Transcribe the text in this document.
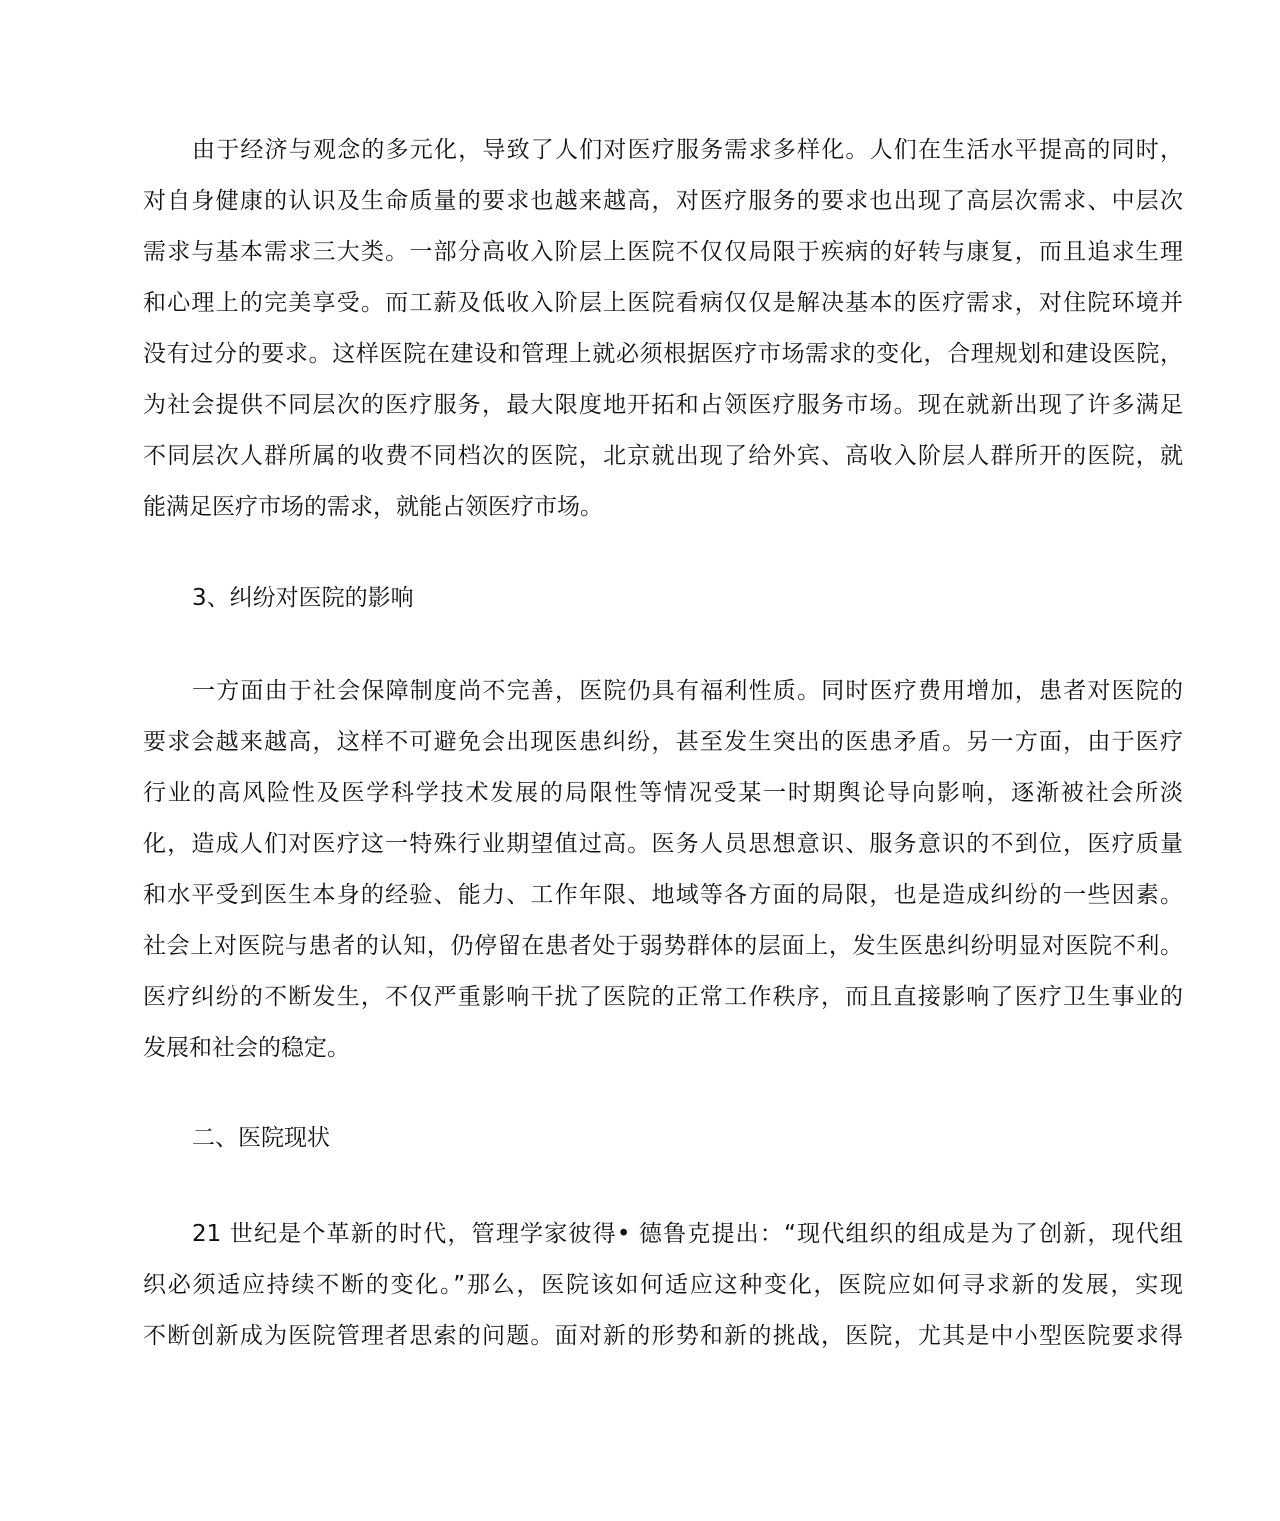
由于经济与观念的多元化，导致了人们对医疗服务需求多样化。人们在生活水平提高的同时，
对自身健康的认识及生命质量的要求也越来越高，对医疗服务的要求也出现了高层次需求、中层次
需求与基本需求三大类。一部分高收入阶层上医院不仅仅局限于疾病的好转与康复，而且追求生理
和心理上的完美享受。而工薪及低收入阶层上医院看病仅仅是解决基本的医疗需求，对住院环境并
没有过分的要求。这样医院在建设和管理上就必须根据医疗市场需求的变化，合理规划和建设医院，
为社会提供不同层次的医疗服务，最大限度地开拓和占领医疗服务市场。现在就新出现了许多满足
不同层次人群所属的收费不同档次的医院，北京就出现了给外宾、高收入阶层人群所开的医院，就
能满足医疗市场的需求，就能占领医疗市场。
3、纠纷对医院的影响
一方面由于社会保障制度尚不完善，医院仍具有福利性质。同时医疗费用增加，患者对医院的
要求会越来越高，这样不可避免会出现医患纠纷，甚至发生突出的医患矛盾。另一方面，由于医疗
行业的高风险性及医学科学技术发展的局限性等情况受某一时期舆论导向影响，逐渐被社会所淡
化，造成人们对医疗这一特殊行业期望值过高。医务人员思想意识、服务意识的不到位，医疗质量
和水平受到医生本身的经验、能力、工作年限、地域等各方面的局限，也是造成纠纷的一些因素。
社会上对医院与患者的认知，仍停留在患者处于弱势群体的层面上，发生医患纠纷明显对医院不利。
医疗纠纷的不断发生，不仅严重影响干扰了医院的正常工作秩序，而且直接影响了医疗卫生事业的
发展和社会的稳定。
二、医院现状
21 世纪是个革新的时代，管理学家彼得• 德鲁克提出：“现代组织的组成是为了创新，现代组
织必须适应持续不断的变化。”那么，医院该如何适应这种变化，医院应如何寻求新的发展，实现
不断创新成为医院管理者思索的问题。面对新的形势和新的挑战，医院，尤其是中小型医院要求得
